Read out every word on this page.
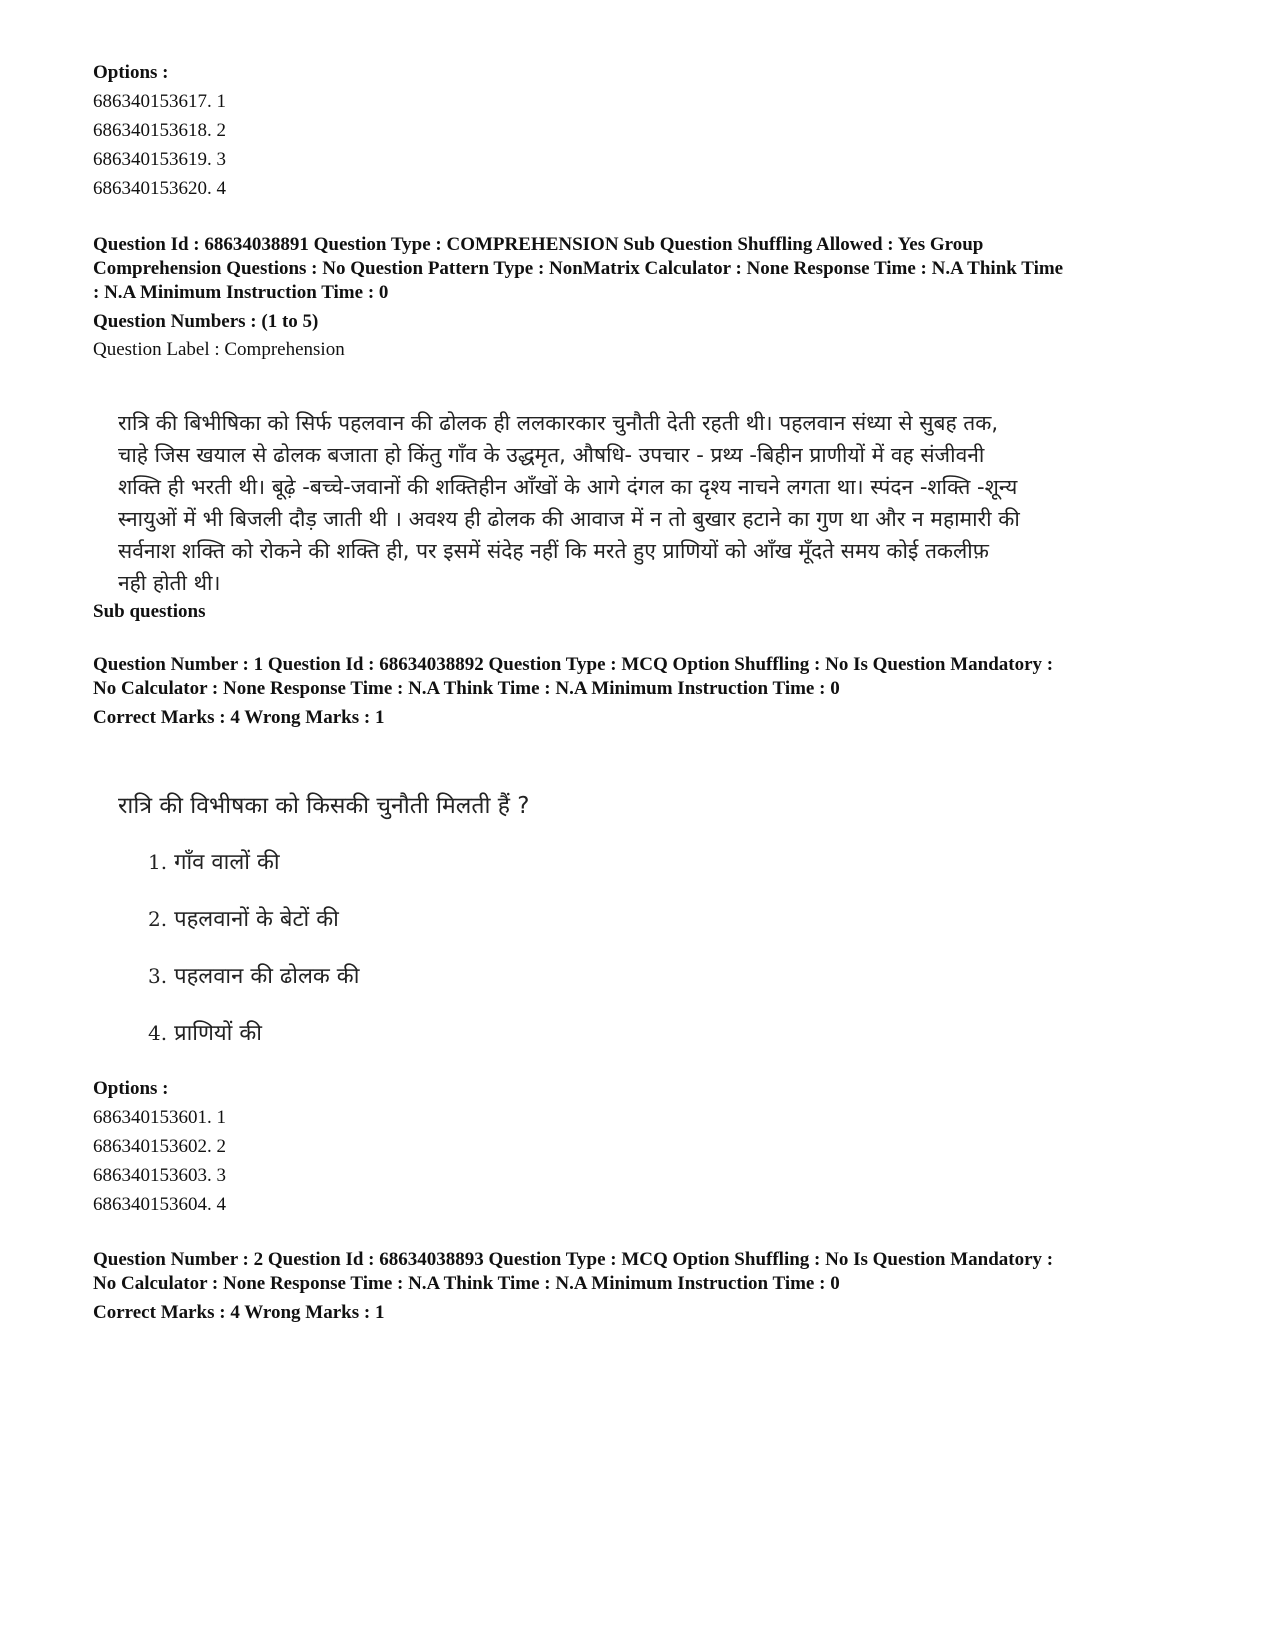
Options :
686340153617. 1
686340153618. 2
686340153619. 3
686340153620. 4
Question Id : 68634038891 Question Type : COMPREHENSION Sub Question Shuffling Allowed : Yes Group
Comprehension Questions : No Question Pattern Type : NonMatrix Calculator : None Response Time : N.A Think Time
: N.A Minimum Instruction Time : 0
Question Numbers : (1 to 5)
Question Label : Comprehension
रात्रि की बिभीषिका को सिर्फ पहलवान की ढोलक ही ललकारकार चुनौती देती रहती थी। पहलवान संध्या से सुबह तक,
चाहे जिस खयाल से ढोलक बजाता हो किंतु गाँव के उद्धमृत, औषधि- उपचार - प्रथ्य -बिहीन प्राणीयों में वह संजीवनी
शक्ति ही भरती थी। बूढ़े -बच्चे-जवानों की शक्तिहीन आँखों के आगे दंगल का दृश्य नाचने लगता था। स्पंदन -शक्ति -शून्य
स्नायुओं में भी बिजली दौड़ जाती थी । अवश्य ही ढोलक की आवाज में न तो बुखार हटाने का गुण था और न महामारी की
सर्वनाश शक्ति को रोकने की शक्ति ही, पर इसमें संदेह नहीं कि मरते हुए प्राणियों को आँख मूँदते समय कोई तकलीफ़
नही होती थी।
Sub questions
Question Number : 1 Question Id : 68634038892 Question Type : MCQ Option Shuffling : No Is Question Mandatory :
No Calculator : None Response Time : N.A Think Time : N.A Minimum Instruction Time : 0
Correct Marks : 4 Wrong Marks : 1
रात्रि की विभीषका को किसकी चुनौती मिलती हैं ?
1. गाँव वालों की
2. पहलवानों के बेटों की
3. पहलवान की ढोलक की
4. प्राणियों की
Options :
686340153601. 1
686340153602. 2
686340153603. 3
686340153604. 4
Question Number : 2 Question Id : 68634038893 Question Type : MCQ Option Shuffling : No Is Question Mandatory :
No Calculator : None Response Time : N.A Think Time : N.A Minimum Instruction Time : 0
Correct Marks : 4 Wrong Marks : 1
